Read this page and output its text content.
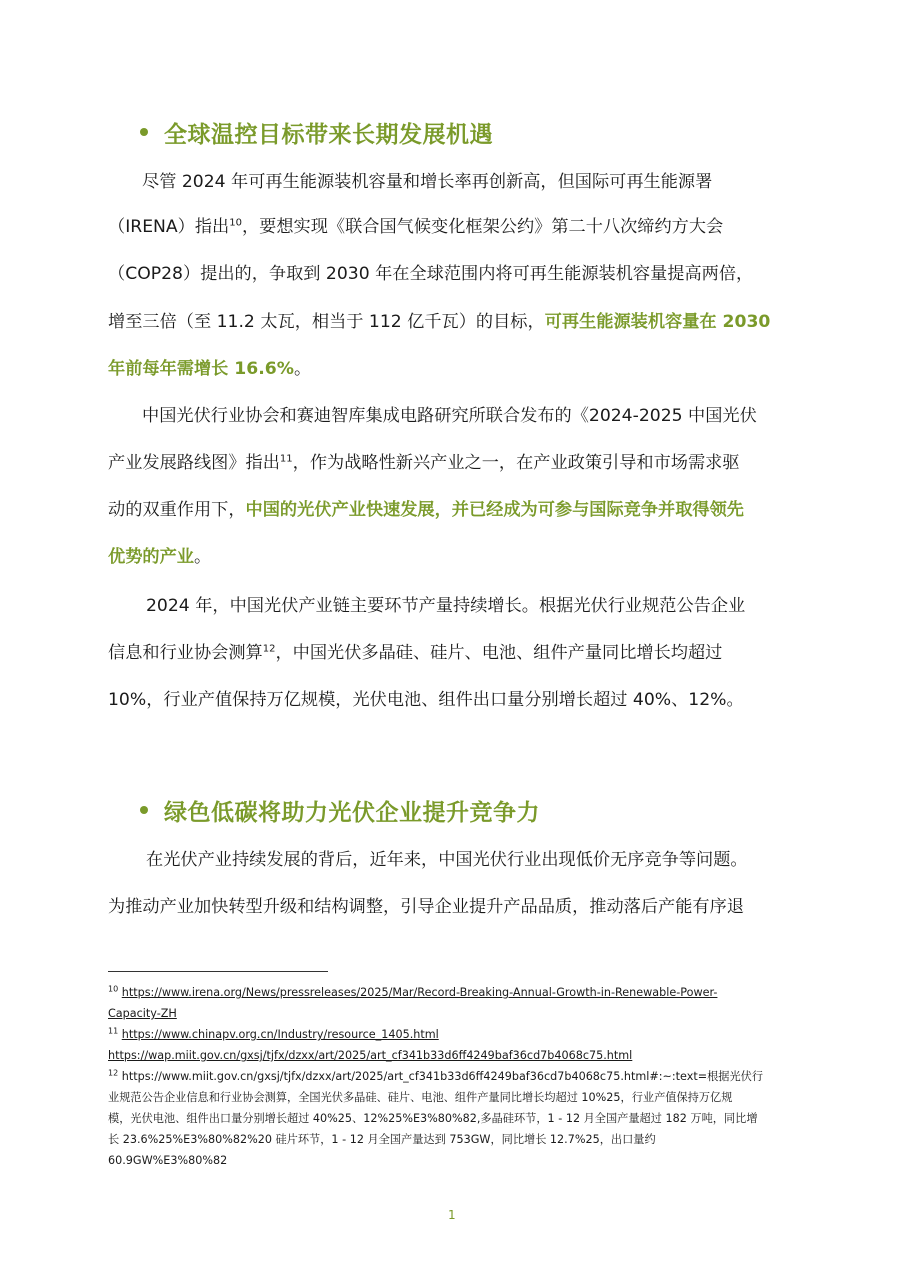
全球温控目标带来长期发展机遇
尽管 2024 年可再生能源装机容量和增长率再创新高，但国际可再生能源署
（IRENA）指出$^{10}$，要想实现《联合国气候变化框架公约》第二十八次缔约方大会
（COP28）提出的，争取到 2030 年在全球范围内将可再生能源装机容量提高两倍，
增至三倍（至 11.2 太瓦，相当于 112 亿千瓦）的目标，可再生能源装机容量在 2030
年前每年需增长 16.6%。
中国光伏行业协会和赛迪智库集成电路研究所联合发布的《2024-2025 中国光伏
产业发展路线图》指出$^{11}$，作为战略性新兴产业之一，在产业政策引导和市场需求驱
动的双重作用下，中国的光伏产业快速发展，并已经成为可参与国际竞争并取得领先
优势的产业。
2024 年，中国光伏产业链主要环节产量持续增长。根据光伏行业规范公告企业
信息和行业协会测算$^{12}$，中国光伏多晶硅、硅片、电池、组件产量同比增长均超过
10%，行业产值保持万亿规模，光伏电池、组件出口量分别增长超过 40%、12%。
绿色低碳将助力光伏企业提升竞争力
在光伏产业持续发展的背后，近年来，中国光伏行业出现低价无序竞争等问题。
为推动产业加快转型升级和结构调整，引导企业提升产品品质，推动落后产能有序退
$^{10}$ https://www.irena.org/News/pressreleases/2025/Mar/Record-Breaking-Annual-Growth-in-Renewable-Power-
Capacity-ZH
$^{11}$ https://www.chinapv.org.cn/Industry/resource_1405.html
https://wap.miit.gov.cn/gxsj/tjfx/dzxx/art/2025/art_cf341b33d6ff4249baf36cd7b4068c75.html
$^{12}$ https://www.miit.gov.cn/gxsj/tjfx/dzxx/art/2025/art_cf341b33d6ff4249baf36cd7b4068c75.html#:~:text=根据光伏行
业规范公告企业信息和行业协会测算，全国光伏多晶硅、硅片、电池、组件产量同比增长均超过 10%25，行业产值保持万亿规
模，光伏电池、组件出口量分别增长超过 40%25、12%25%E3%80%82,多晶硅环节，1 - 12 月全国产量超过 182 万吨，同比增
长 23.6%25%E3%80%82%20 硅片环节，1 - 12 月全国产量达到 753GW，同比增长 12.7%25，出口量约
60.9GW%E3%80%82
1
